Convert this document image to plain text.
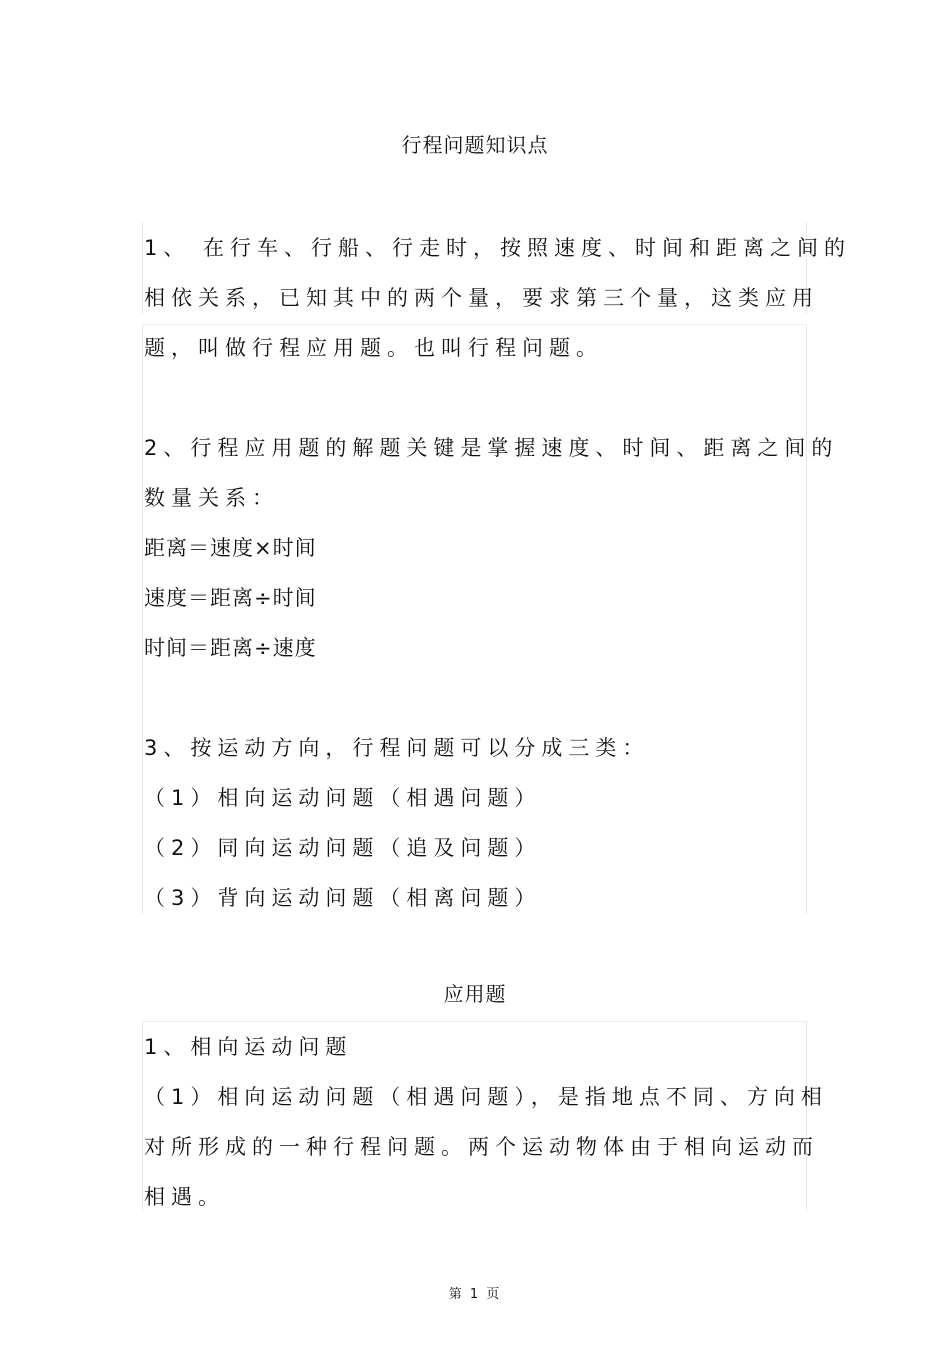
行程问题知识点
1、 在行车、行船、行走时，按照速度、时间和距离之间的
相依关系，已知其中的两个量，要求第三个量，这类应用
题，叫做行程应用题。也叫行程问题。
2、行程应用题的解题关键是掌握速度、时间、距离之间的
数量关系：
距离＝速度×时间
速度＝距离÷时间
时间＝距离÷速度
3、按运动方向，行程问题可以分成三类：
（1）相向运动问题（相遇问题）
（2）同向运动问题（追及问题）
（3）背向运动问题（相离问题）
应用题
1、相向运动问题
（1）相向运动问题（相遇问题），是指地点不同、方向相
对所形成的一种行程问题。两个运动物体由于相向运动而
相遇。
第 1 页
